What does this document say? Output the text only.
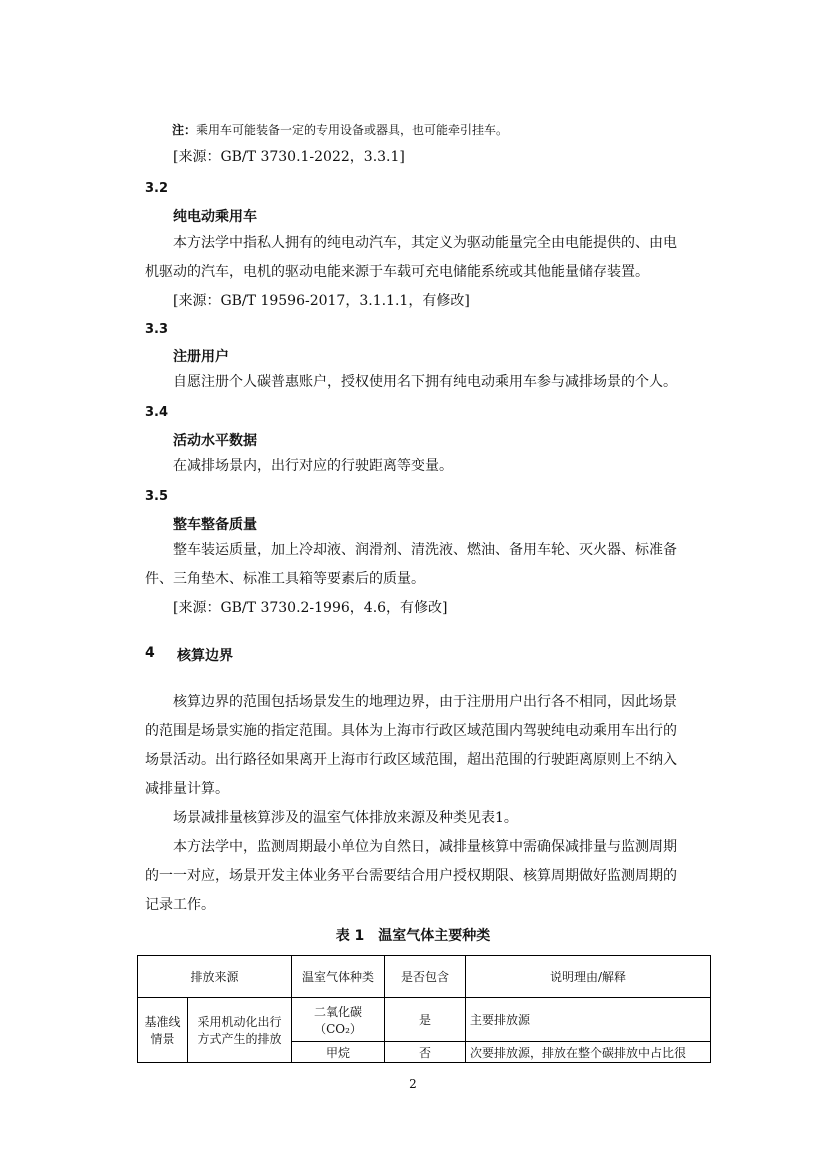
注：乘用车可能装备一定的专用设备或器具，也可能牵引挂车。
[来源：GB/T 3730.1-2022，3.3.1]
3.2
纯电动乘用车
本方法学中指私人拥有的纯电动汽车，其定义为驱动能量完全由电能提供的、由电
机驱动的汽车，电机的驱动电能来源于车载可充电储能系统或其他能量储存装置。
[来源：GB/T 19596-2017，3.1.1.1，有修改]
3.3
注册用户
自愿注册个人碳普惠账户，授权使用名下拥有纯电动乘用车参与减排场景的个人。
3.4
活动水平数据
在减排场景内，出行对应的行驶距离等变量。
3.5
整车整备质量
整车装运质量，加上冷却液、润滑剂、清洗液、燃油、备用车轮、灭火器、标准备
件、三角垫木、标准工具箱等要素后的质量。
[来源：GB/T 3730.2-1996，4.6，有修改]
4 核算边界
核算边界的范围包括场景发生的地理边界，由于注册用户出行各不相同，因此场景
的范围是场景实施的指定范围。具体为上海市行政区域范围内驾驶纯电动乘用车出行的
场景活动。出行路径如果离开上海市行政区域范围，超出范围的行驶距离原则上不纳入
减排量计算。
场景减排量核算涉及的温室气体排放来源及种类见表1。
本方法学中，监测周期最小单位为自然日，减排量核算中需确保减排量与监测周期
的一一对应，场景开发主体业务平台需要结合用户授权期限、核算周期做好监测周期的
记录工作。
表 1　温室气体主要种类
排放来源		温室气体种类	是否包含	说明理由/解释
基准线情景	采用机动化出行方式产生的排放	二氧化碳（CO₂）	是	主要排放源
		甲烷	否	次要排放源，排放在整个碳排放中占比很
2
